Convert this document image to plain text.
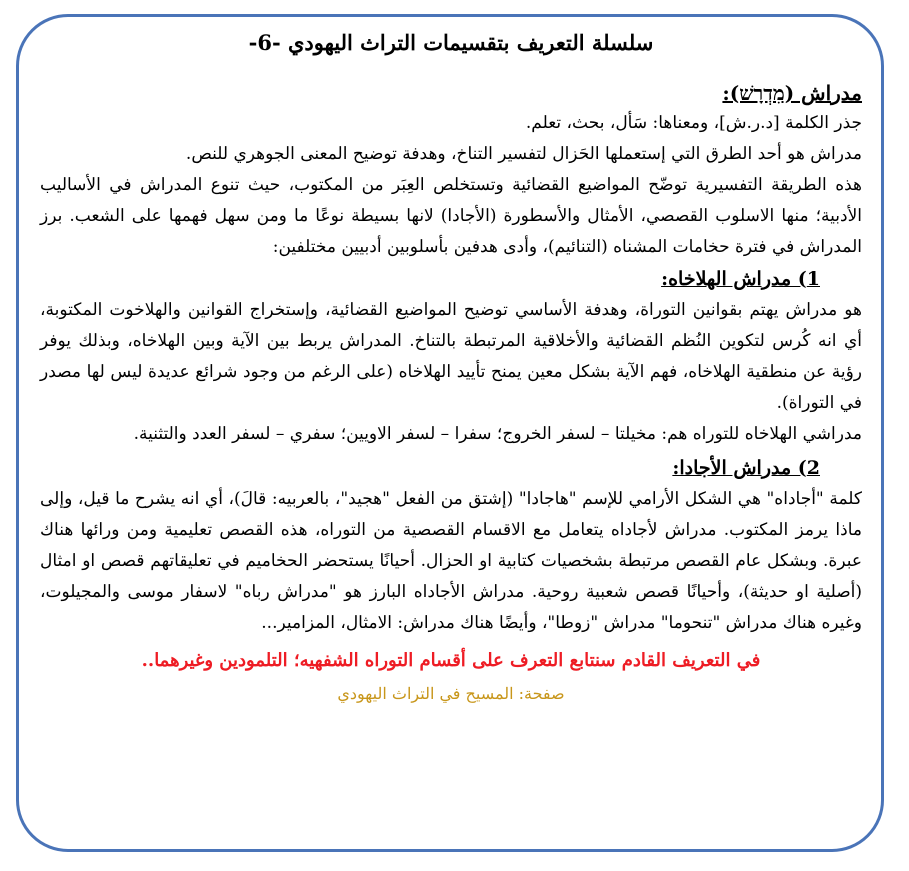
سلسلة التعريف بتقسيمات التراث اليهودي -6-
مدراش (מִדְרָשׁ):
جذر الكلمة [د.ر.ش]، ومعناها: سَأل، بحث، تعلم.
مدراش هو أحد الطرق التي إستعملها الحَزال لتفسير التناخ، وهدفة توضيح المعنى الجوهري للنص.
هذه الطريقة التفسيرية توضّح المواضيع القضائية وتستخلص العِبَر من المكتوب، حيث تنوع المدراش في الأساليب الأدبية؛ منها الاسلوب القصصي، الأمثال والأسطورة (الأجادا) لانها بسيطة نوعًا ما ومن سهل فهمها على الشعب. برز المدراش في فترة حخامات المشناه (التنائيم)، وأدى هدفين بأسلوبين أدبيين مختلفين:
1) مدراش الهلاخاه:
هو مدراش يهتم بقوانين التوراة، وهدفة الأساسي توضيح المواضيع القضائية، وإستخراج القوانين والهلاخوت المكتوبة، أي انه كُرس لتكوين النُظم القضائية والأخلاقية المرتبطة بالتناخ. المدراش يربط بين الآية وبين الهلاخاه، وبذلك يوفر رؤية عن منطقية الهلاخاه، فهم الآية بشكل معين يمنح تأييد الهلاخاه (على الرغم من وجود شرائع عديدة ليس لها مصدر في التوراة).
مدراشي الهلاخاه للتوراه هم: مخيلتا – لسفر الخروج؛ سفرا – لسفر الاويين؛ سفري – لسفر العدد والتثنية.
2) مدراش الأجادا:
كلمة "أجاداه" هي الشكل الأرامي للإسم "هاجادا" (إشتق من الفعل "هجيد"، بالعربيه: قالَ)، أي انه يشرح ما قيل، وإلى ماذا يرمز المكتوب. مدراش لأجاداه يتعامل مع الاقسام القصصية من التوراه، هذه القصص تعليمية ومن ورائها هناك عبرة. وبشكل عام القصص مرتبطة بشخصيات كتابية او الحزال. أحيانًا يستحضر الحخاميم في تعليقاتهم قصص او امثال (أصلية او حديثة)، وأحيانًا قصص شعبية روحية. مدراش الأجاداه البارز هو "مدراش رباه" لاسفار موسى والمجيلوت، وغيره هناك مدراش "تنحوما" مدراش "زوطا"، وأيضًا هناك مدراش: الامثال، المزامير...
في التعريف القادم سنتابع التعرف على أقسام التوراه الشفهيه؛ التلمودين وغيرهما..
صفحة: المسيح في التراث اليهودي
